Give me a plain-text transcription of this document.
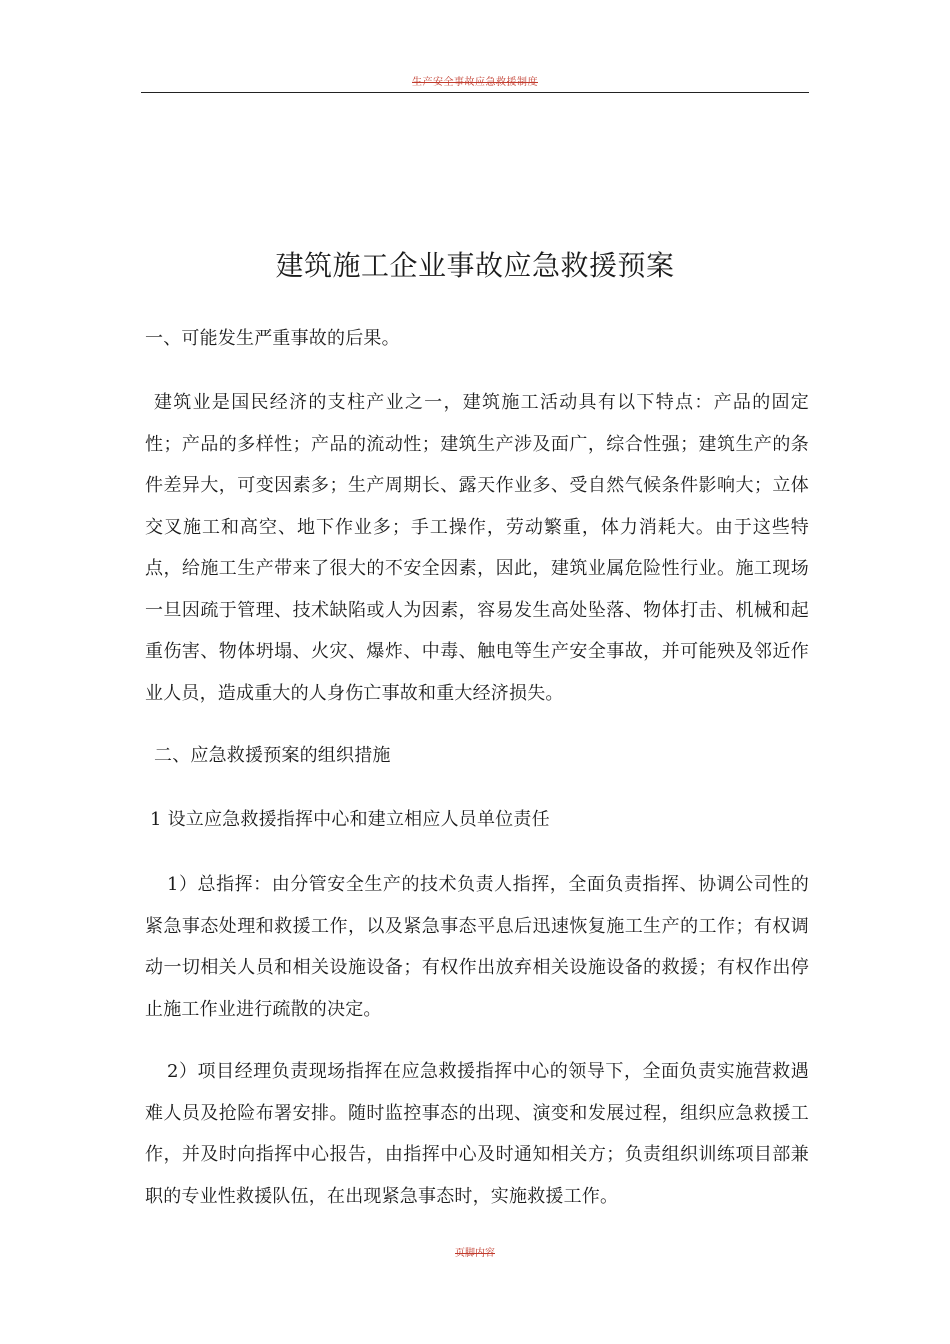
生产安全事故应急救援制度
建筑施工企业事故应急救援预案
一、可能发生严重事故的后果。
建筑业是国民经济的支柱产业之一，建筑施工活动具有以下特点：产品的固定性；产品的多样性；产品的流动性；建筑生产涉及面广，综合性强；建筑生产的条件差异大，可变因素多；生产周期长、露天作业多、受自然气候条件影响大；立体交叉施工和高空、地下作业多；手工操作，劳动繁重，体力消耗大。由于这些特点，给施工生产带来了很大的不安全因素，因此，建筑业属危险性行业。施工现场一旦因疏于管理、技术缺陷或人为因素，容易发生高处坠落、物体打击、机械和起重伤害、物体坍塌、火灾、爆炸、中毒、触电等生产安全事故，并可能殃及邻近作业人员，造成重大的人身伤亡事故和重大经济损失。
二、应急救援预案的组织措施
1 设立应急救援指挥中心和建立相应人员单位责任
1）总指挥：由分管安全生产的技术负责人指挥，全面负责指挥、协调公司性的紧急事态处理和救援工作，以及紧急事态平息后迅速恢复施工生产的工作；有权调动一切相关人员和相关设施设备；有权作出放弃相关设施设备的救援；有权作出停止施工作业进行疏散的决定。
2）项目经理负责现场指挥在应急救援指挥中心的领导下，全面负责实施营救遇难人员及抢险布署安排。随时监控事态的出现、演变和发展过程，组织应急救援工作，并及时向指挥中心报告，由指挥中心及时通知相关方；负责组织训练项目部兼职的专业性救援队伍，在出现紧急事态时，实施救援工作。
页脚内容
